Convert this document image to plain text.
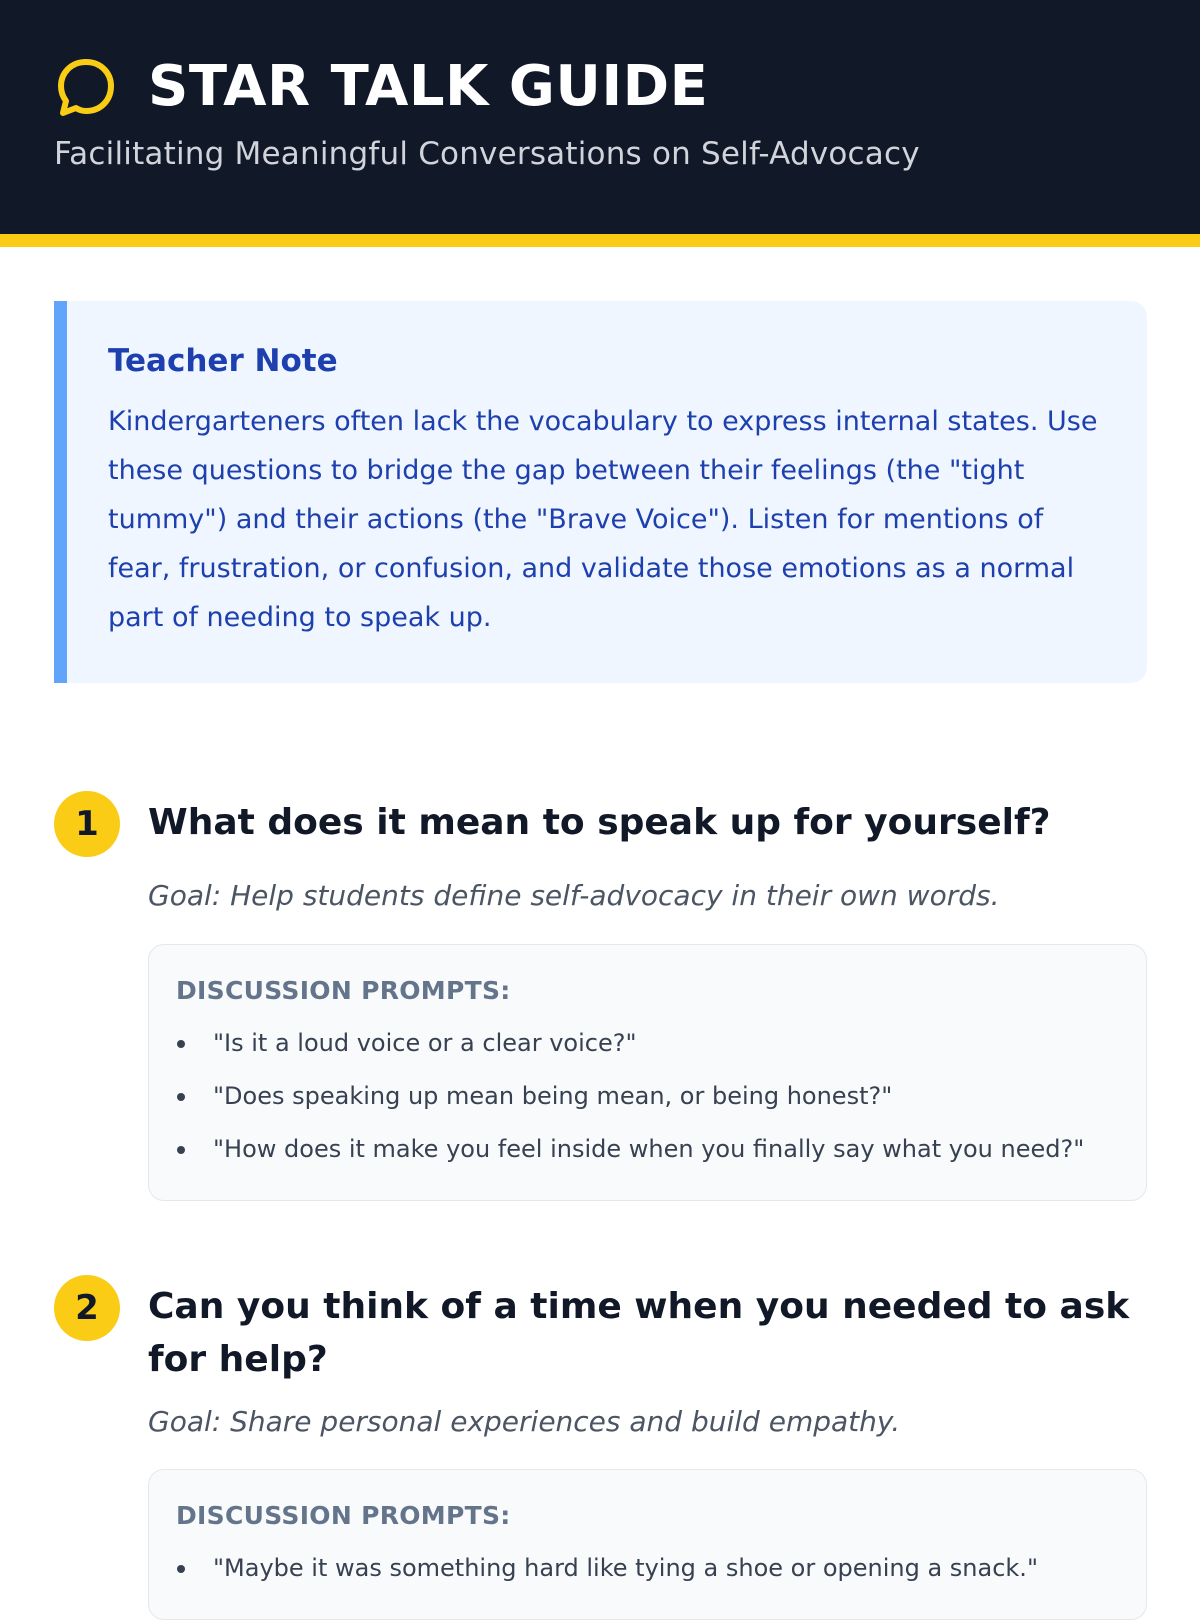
STAR TALK GUIDE
Facilitating Meaningful Conversations on Self-Advocacy
Teacher Note
Kindergarteners often lack the vocabulary to express internal states. Use these questions to bridge the gap between their feelings (the "tight tummy") and their actions (the "Brave Voice"). Listen for mentions of fear, frustration, or confusion, and validate those emotions as a normal part of needing to speak up.
1	What does it mean to speak up for yourself?
Goal: Help students define self-advocacy in their own words.
DISCUSSION PROMPTS:
"Is it a loud voice or a clear voice?"
"Does speaking up mean being mean, or being honest?"
"How does it make you feel inside when you finally say what you need?"
2	Can you think of a time when you needed to ask for help?
Goal: Share personal experiences and build empathy.
DISCUSSION PROMPTS:
"Maybe it was something hard like tying a shoe or opening a snack."
